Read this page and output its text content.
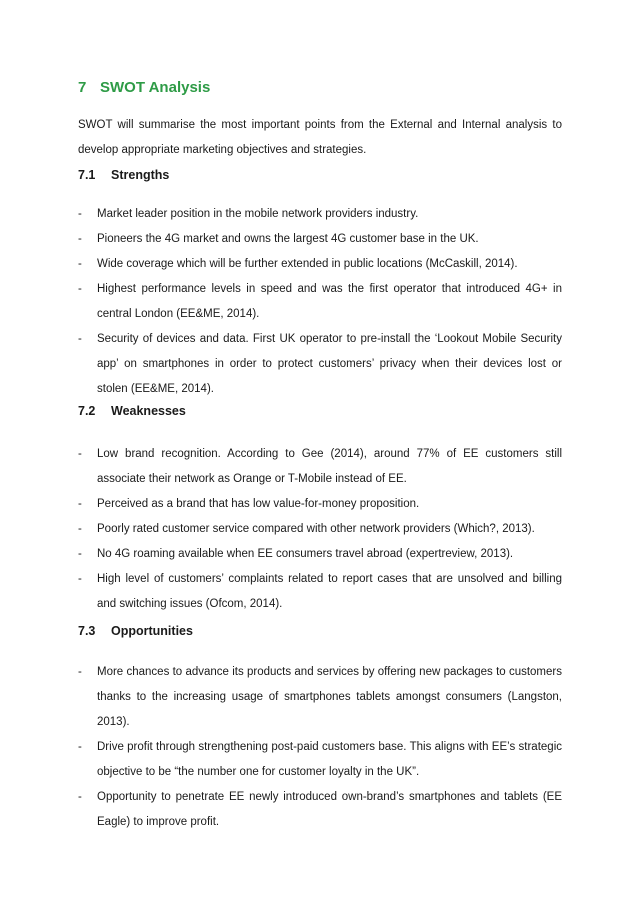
7 SWOT Analysis
SWOT will summarise the most important points from the External and Internal analysis to develop appropriate marketing objectives and strategies.
7.1 Strengths
- Market leader position in the mobile network providers industry.
- Pioneers the 4G market and owns the largest 4G customer base in the UK.
- Wide coverage which will be further extended in public locations (McCaskill, 2014).
- Highest performance levels in speed and was the first operator that introduced 4G+ in central London (EE&ME, 2014).
- Security of devices and data. First UK operator to pre-install the ‘Lookout Mobile Security app’ on smartphones in order to protect customers’ privacy when their devices lost or stolen (EE&ME, 2014).
7.2 Weaknesses
- Low brand recognition. According to Gee (2014), around 77% of EE customers still associate their network as Orange or T-Mobile instead of EE.
- Perceived as a brand that has low value-for-money proposition.
- Poorly rated customer service compared with other network providers (Which?, 2013).
- No 4G roaming available when EE consumers travel abroad (expertreview, 2013).
- High level of customers’ complaints related to report cases that are unsolved and billing and switching issues (Ofcom, 2014).
7.3 Opportunities
- More chances to advance its products and services by offering new packages to customers thanks to the increasing usage of smartphones tablets amongst consumers (Langston, 2013).
- Drive profit through strengthening post-paid customers base. This aligns with EE’s strategic objective to be “the number one for customer loyalty in the UK”.
- Opportunity to penetrate EE newly introduced own-brand’s smartphones and tablets (EE Eagle) to improve profit.
